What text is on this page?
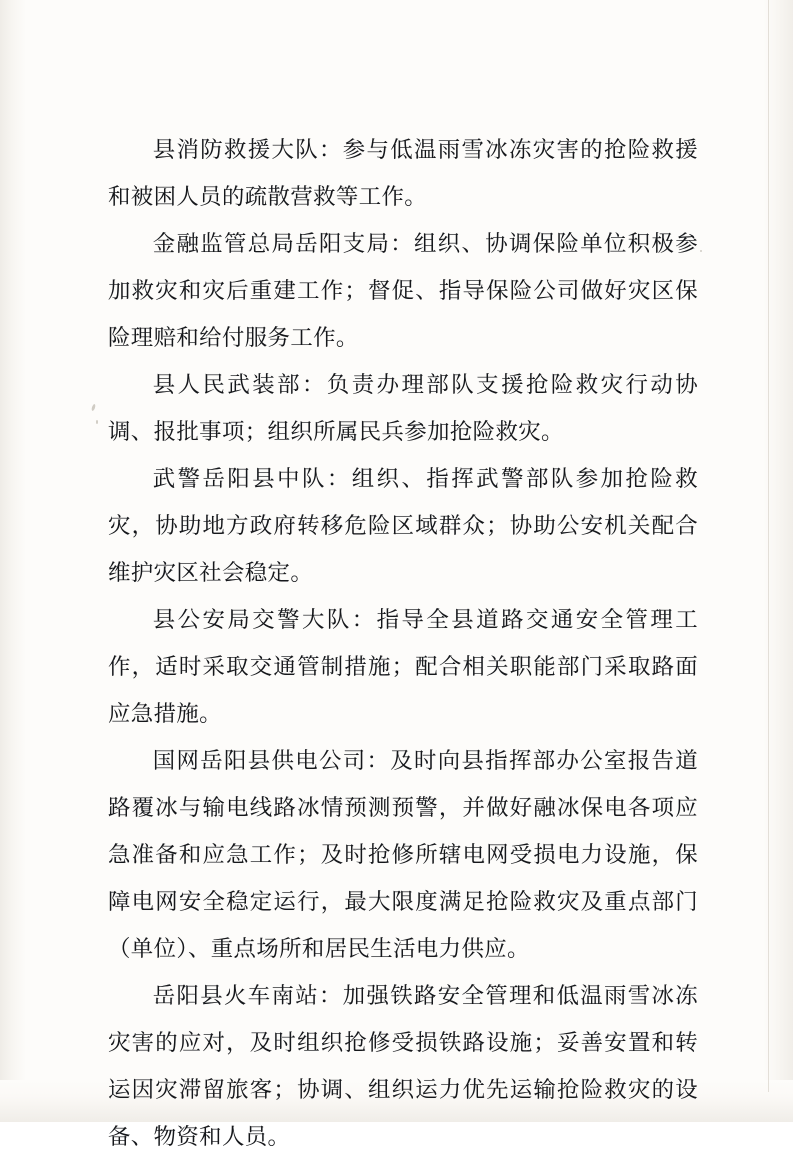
县消防救援大队：参与低温雨雪冰冻灾害的抢险救援和被困人员的疏散营救等工作。

金融监管总局岳阳支局：组织、协调保险单位积极参加救灾和灾后重建工作；督促、指导保险公司做好灾区保险理赔和给付服务工作。

县人民武装部：负责办理部队支援抢险救灾行动协调、报批事项；组织所属民兵参加抢险救灾。

武警岳阳县中队：组织、指挥武警部队参加抢险救灾，协助地方政府转移危险区域群众；协助公安机关配合维护灾区社会稳定。

县公安局交警大队：指导全县道路交通安全管理工作，适时采取交通管制措施；配合相关职能部门采取路面应急措施。

国网岳阳县供电公司：及时向县指挥部办公室报告道路覆冰与输电线路冰情预测预警，并做好融冰保电各项应急准备和应急工作；及时抢修所辖电网受损电力设施，保障电网安全稳定运行，最大限度满足抢险救灾及重点部门（单位）、重点场所和居民生活电力供应。

岳阳县火车南站：加强铁路安全管理和低温雨雪冰冻灾害的应对，及时组织抢修受损铁路设施；妥善安置和转运因灾滞留旅客；协调、组织运力优先运输抢险救灾的设备、物资和人员。
